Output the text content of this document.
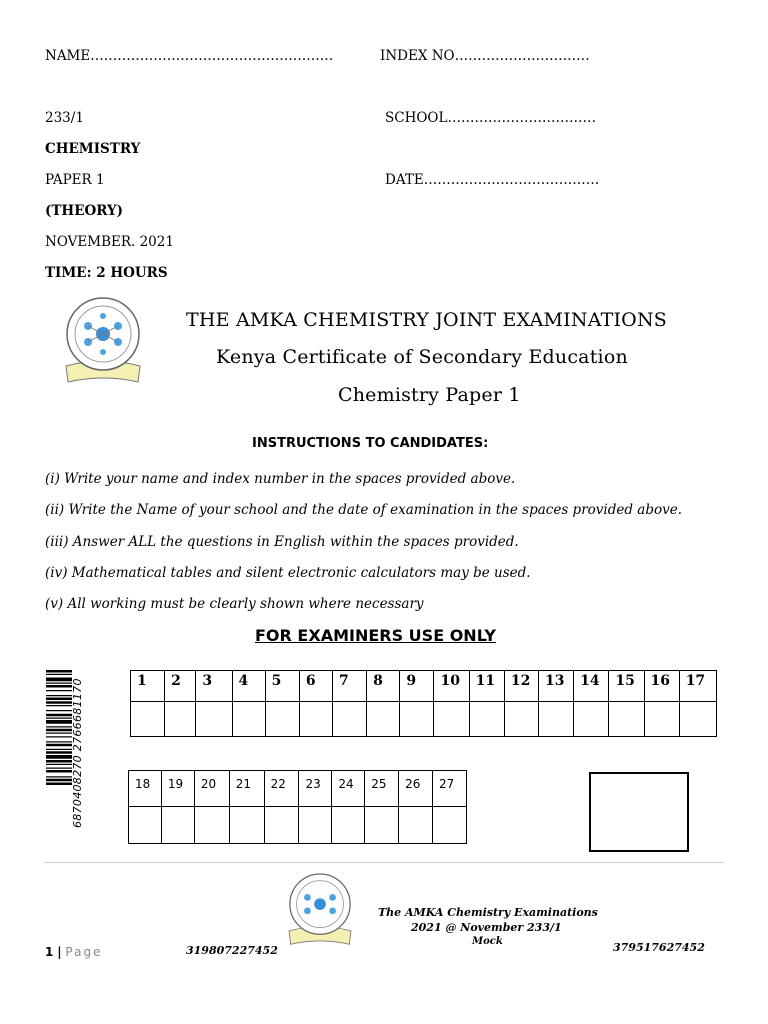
NAME………………………………………………	INDEX NO…………………………
233/1	SCHOOL……………………………
CHEMISTRY
PAPER 1	DATE…………………………………
(THEORY)
NOVEMBER. 2021
TIME: 2 HOURS
THE AMKA CHEMISTRY JOINT EXAMINATIONS
Kenya Certificate of Secondary Education
Chemistry Paper 1
INSTRUCTIONS TO CANDIDATES:
(i) Write your name and index number in the spaces provided above.
(ii) Write the Name of your school and the date of examination in the spaces provided above.
(iii) Answer ALL the questions in English within the spaces provided.
(iv) Mathematical tables and silent electronic calculators may be used.
(v) All working must be clearly shown where necessary
FOR EXAMINERS USE ONLY
6870408270 2766681170	1	2	3	4	5	6	7	8	9	10	11	12	13	14	15	16	17

18	19	20	21	22	23	24	25	26	27

The AMKA Chemistry Examinations
2021 @ November 233/1
Mock
319807227452	379517627452
1 | Page
